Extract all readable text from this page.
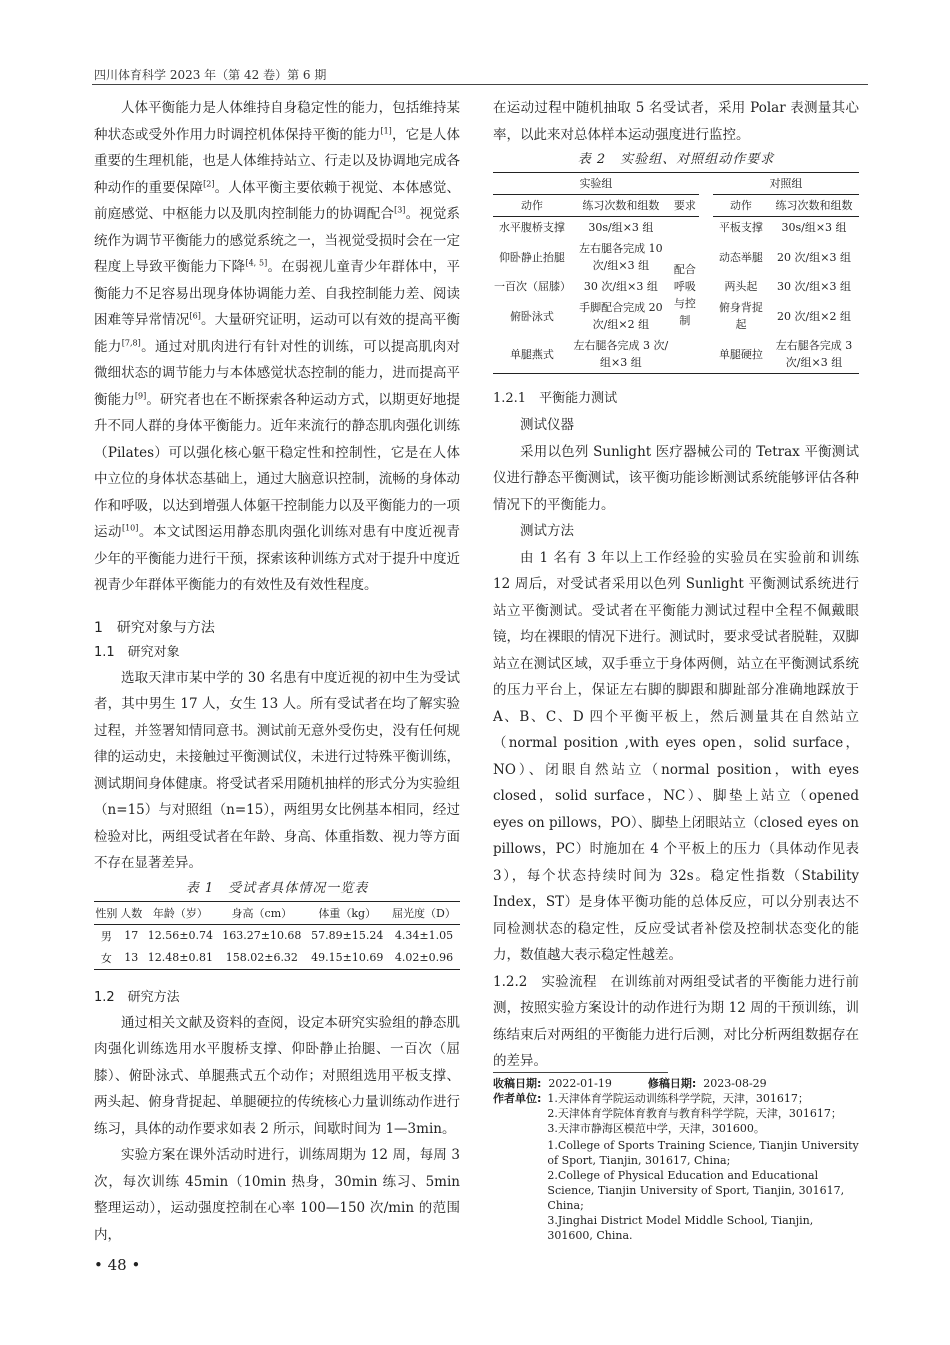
四川体育科学 2023 年（第 42 卷）第 6 期

人体平衡能力是人体维持自身稳定性的能力，包括维持某种状态或受外作用力时调控机体保持平衡的能力[1]，它是人体重要的生理机能，也是人体维持站立、行走以及协调地完成各种动作的重要保障[2]。人体平衡主要依赖于视觉、本体感觉、前庭感觉、中枢能力以及肌肉控制能力的协调配合[3]。视觉系统作为调节平衡能力的感觉系统之一，当视觉受损时会在一定程度上导致平衡能力下降[4, 5]。在弱视儿童青少年群体中，平衡能力不足容易出现身体协调能力差、自我控制能力差、阅读困难等异常情况[6]。大量研究证明，运动可以有效的提高平衡能力[7,8]。通过对肌肉进行有针对性的训练，可以提高肌肉对微细状态的调节能力与本体感觉状态控制的能力，进而提高平衡能力[9]。研究者也在不断探索各种运动方式，以期更好地提升不同人群的身体平衡能力。近年来流行的静态肌肉强化训练（Pilates）可以强化核心躯干稳定性和控制性，它是在人体中立位的身体状态基础上，通过大脑意识控制，流畅的身体动作和呼吸，以达到增强人体躯干控制能力以及平衡能力的一项运动[10]。本文试图运用静态肌肉强化训练对患有中度近视青少年的平衡能力进行干预，探索该种训练方式对于提升中度近视青少年群体平衡能力的有效性及有效性程度。

1　研究对象与方法
1.1　研究对象

选取天津市某中学的 30 名患有中度近视的初中生为受试者，其中男生 17 人，女生 13 人。所有受试者在均了解实验过程，并签署知情同意书。测试前无意外受伤史，没有任何规律的运动史，未接触过平衡测试仪，未进行过特殊平衡训练，测试期间身体健康。将受试者采用随机抽样的形式分为实验组（n=15）与对照组（n=15），两组男女比例基本相同，经过检验对比，两组受试者在年龄、身高、体重指数、视力等方面不存在显著差异。

表 1　受试者具体情况一览表
性别	人数	年龄（岁）	身高（cm）	体重（kg）	屈光度（D）
男	17	12.56±0.74	163.27±10.68	57.89±15.24	4.34±1.05
女	13	12.48±0.81	158.02±6.32	49.15±10.69	4.02±0.96
1.2　研究方法

通过相关文献及资料的查阅，设定本研究实验组的静态肌肉强化训练选用水平腹桥支撑、仰卧静止抬腿、一百次（屈膝）、俯卧泳式、单腿燕式五个动作；对照组选用平板支撑、两头起、俯身背捉起、单腿硬拉的传统核心力量训练动作进行练习，具体的动作要求如表 2 所示，间歇时间为 1—3min。

实验方案在课外活动时进行，训练周期为 12 周，每周 3 次，每次训练 45min（10min 热身，30min 练习、5min 整理运动），运动强度控制在心率 100—150 次/min 的范围内，

在运动过程中随机抽取 5 名受试者，采用 Polar 表测量其心率，以此来对总体样本运动强度进行监控。

表 2　实验组、对照组动作要求
实验组				对照组	
动作	练习次数和组数	要求		动作	练习次数和组数
水平腹桥支撑	30s/组×3 组	配合呼吸与控制		平板支撑	30s/组×3 组
仰卧静止抬腿	左右腿各完成 10 次/组×3 组			动态举腿	20 次/组×3 组
一百次（屈膝）	30 次/组×3 组			两头起	30 次/组×3 组
俯卧泳式	手脚配合完成 20 次/组×2 组			俯身背捉起	20 次/组×2 组
单腿燕式	左右腿各完成 3 次/组×3 组			单腿硬拉	左右腿各完成 3 次/组×3 组
1.2.1　平衡能力测试

测试仪器

采用以色列 Sunlight 医疗器械公司的 Tetrax 平衡测试仪进行静态平衡测试，该平衡功能诊断测试系统能够评估各种情况下的平衡能力。

测试方法

由 1 名有 3 年以上工作经验的实验员在实验前和训练 12 周后，对受试者采用以色列 Sunlight 平衡测试系统进行站立平衡测试。受试者在平衡能力测试过程中全程不佩戴眼镜，均在裸眼的情况下进行。测试时，要求受试者脱鞋，双脚站立在测试区域，双手垂立于身体两侧，站立在平衡测试系统的压力平台上，保证左右脚的脚跟和脚趾部分准确地踩放于 A、B、C、D 四个平衡平板上，然后测量其在自然站立（normal position ,with eyes open，solid surface，NO）、闭眼自然站立（normal position，with eyes closed，solid surface，NC）、脚垫上站立（opened eyes on pillows，PO）、脚垫上闭眼站立（closed eyes on pillows，PC）时施加在 4 个平板上的压力（具体动作见表 3），每个状态持续时间为 32s。稳定性指数（Stability Index，ST）是身体平衡功能的总体反应，可以分别表达不同检测状态的稳定性，反应受试者补偿及控制状态变化的能力，数值越大表示稳定性越差。

1.2.2　实验流程　 在训练前对两组受试者的平衡能力进行前测，按照实验方案设计的动作进行为期 12 周的干预训练，训练结束后对两组的平衡能力进行后测，对比分析两组数据存在的差异。

收稿日期:
2022-01-19	修稿日期:
2023-08-29
作者单位: 1.天津体育学院运动训练科学学院，天津，301617；
2.天津体育学院体育教育与教育科学学院，天津，301617；
3.天津市静海区模范中学，天津，301600。
1.College of Sports Training Science, Tianjin University of Sport, Tianjin, 301617, China;
2.College of Physical Education and Educational Science, Tianjin University of Sport, Tianjin, 301617, China;
3.Jinghai District Model Middle School, Tianjin, 301600, China.
• 48 •
